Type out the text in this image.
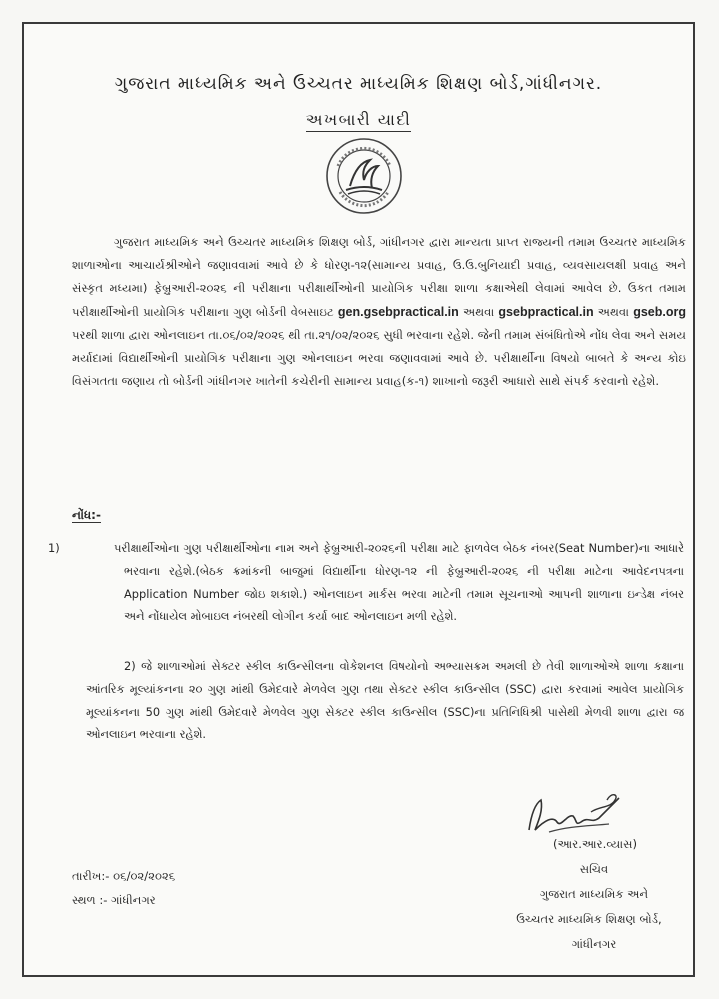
ગુજરાત માધ્યમિક અને ઉચ્ચતર માધ્યમિક શિક્ષણ બોર્ડ,ગાંધીનગર.
અખબારી યાદી

ગુજરાત માધ્યમિક અને ઉચ્ચતર માધ્યમિક શિક્ષણ બોર્ડ, ગાંધીનગર દ્વારા માન્યતા પ્રાપ્ત રાજ્યની તમામ ઉચ્ચતર માધ્યમિક શાળાઓના આચાર્યશ્રીઓને જણાવવામાં આવે છે કે ધોરણ-૧૨(સામાન્ય પ્રવાહ, ઉ.ઉ.બુનિયાદી પ્રવાહ, વ્યવસાયલક્ષી પ્રવાહ અને સંસ્કૃત મધ્યમા) ફેબ્રુઆરી-૨૦૨૬ ની પરીક્ષાના પરીક્ષાર્થીઓની પ્રાયોગિક પરીક્ષા શાળા કક્ષાએથી લેવામાં આવેલ છે. ઉકત તમામ પરીક્ષાર્થીઓની પ્રાયોગિક પરીક્ષાના ગુણ બોર્ડની વેબસાઇટ gen.gsebpractical.in અથવા gsebpractical.in અથવા gseb.org પરથી શાળા દ્વારા ઓનલાઇન તા.૦૬/૦૨/૨૦૨૬ થી તા.૨૧/૦૨/૨૦૨૬ સુધી ભરવાના રહેશે. જેની તમામ સંબંધિતોએ નોંધ લેવા અને સમય મર્યાદામાં વિદ્યાર્થીઓની પ્રાયોગિક પરીક્ષાના ગુણ ઓનલાઇન ભરવા જણાવવામાં આવે છે. પરીક્ષાર્થીના વિષયો બાબતે કે અન્ય કોઇ વિસંગતતા જણાય તો બોર્ડની ગાંધીનગર ખાતેની કચેરીની સામાન્ય પ્રવાહ(ક-૧) શાખાનો જરૂરી આધારો સાથે સંપર્ક કરવાનો રહેશે.

નોંધ:-

1)	પરીક્ષાર્થીઓના ગુણ પરીક્ષાર્થીઓના નામ અને ફેબ્રુઆરી-૨૦૨૬ની પરીક્ષા માટે ફાળવેલ બેઠક નંબર(Seat Number)ના આધારે ભરવાના રહેશે.(બેઠક ક્રમાંકની બાજુમાં વિદ્યાર્થીના ધોરણ-૧૨ ની ફેબ્રુઆરી-૨૦૨૬ ની પરીક્ષા માટેના આવેદનપત્રના Application Number જોઇ શકાશે.) ઓનલાઇન માર્કસ ભરવા માટેની તમામ સૂચનાઓ આપની શાળાના ઇન્ડેક્ષ નંબર અને નોંધાયેલ મોબાઇલ નંબરથી લોગીન કર્યા બાદ ઓનલાઇન મળી રહેશે.

2) જે શાળાઓમાં સેક્ટર સ્કીલ કાઉન્સીલના વોકેશનલ વિષયોનો અભ્યાસક્રમ અમલી છે તેવી શાળાઓએ શાળા કક્ષાના આંતરિક મૂલ્યાંકનના ૨૦ ગુણ માંથી ઉમેદવારે મેળવેલ ગુણ તથા સેક્ટર સ્કીલ કાઉન્સીલ (SSC) દ્વારા કરવામાં આવેલ પ્રાયોગિક મૂલ્યાંકનના 50 ગુણ માંથી ઉમેદવારે મેળવેલ ગુણ સેક્ટર સ્કીલ કાઉન્સીલ (SSC)ના પ્રતિનિધિશ્રી પાસેથી મેળવી શાળા દ્વારા જ ઓનલાઇન ભરવાના રહેશે.

(આર.આર.વ્યાસ)
સચિવ
ગુજરાત માધ્યમિક અને
ઉચ્ચતર માધ્યમિક શિક્ષણ બોર્ડ,
ગાંધીનગર
તારીખ:- ૦૬/૦૨/૨૦૨૬
સ્થળ :- ગાંધીનગર
